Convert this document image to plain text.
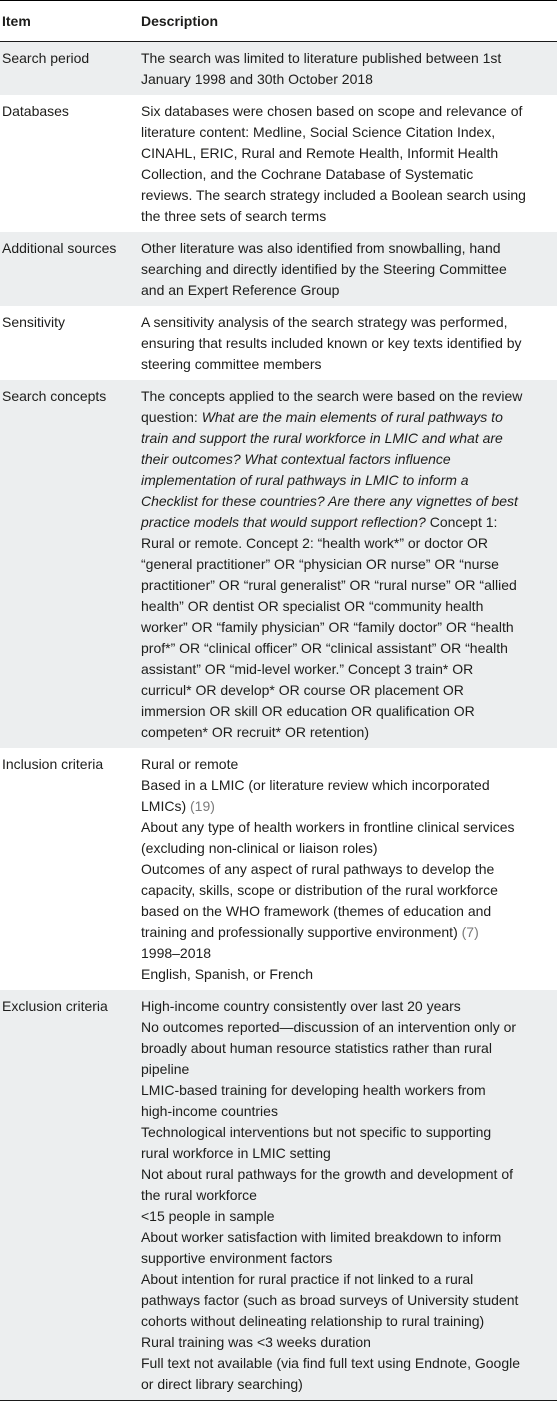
Item	Description
Search period	The search was limited to literature published between 1st
January 1998 and 30th October 2018
Databases	Six databases were chosen based on scope and relevance of
literature content: Medline, Social Science Citation Index,
CINAHL, ERIC, Rural and Remote Health, Informit Health
Collection, and the Cochrane Database of Systematic
reviews. The search strategy included a Boolean search using
the three sets of search terms
Additional sources	Other literature was also identified from snowballing, hand
searching and directly identified by the Steering Committee
and an Expert Reference Group
Sensitivity	A sensitivity analysis of the search strategy was performed,
ensuring that results included known or key texts identified by
steering committee members
Search concepts	The concepts applied to the search were based on the review
question: What are the main elements of rural pathways to
train and support the rural workforce in LMIC and what are
their outcomes? What contextual factors influence
implementation of rural pathways in LMIC to inform a
Checklist for these countries? Are there any vignettes of best
practice models that would support reflection? Concept 1:
Rural or remote. Concept 2: “health work*” or doctor OR
“general practitioner” OR “physician OR nurse” OR “nurse
practitioner” OR “rural generalist” OR “rural nurse” OR “allied
health” OR dentist OR specialist OR “community health
worker” OR “family physician” OR “family doctor” OR “health
prof*” OR “clinical officer” OR “clinical assistant” OR “health
assistant” OR “mid-level worker.” Concept 3 train* OR
curricul* OR develop* OR course OR placement OR
immersion OR skill OR education OR qualification OR
competen* OR recruit* OR retention)
Inclusion criteria	Rural or remote
Based in a LMIC (or literature review which incorporated
LMICs) (19)
About any type of health workers in frontline clinical services
(excluding non-clinical or liaison roles)
Outcomes of any aspect of rural pathways to develop the
capacity, skills, scope or distribution of the rural workforce
based on the WHO framework (themes of education and
training and professionally supportive environment) (7)
1998–2018
English, Spanish, or French
Exclusion criteria	High-income country consistently over last 20 years
No outcomes reported—discussion of an intervention only or
broadly about human resource statistics rather than rural
pipeline
LMIC-based training for developing health workers from
high-income countries
Technological interventions but not specific to supporting
rural workforce in LMIC setting
Not about rural pathways for the growth and development of
the rural workforce
<15 people in sample
About worker satisfaction with limited breakdown to inform
supportive environment factors
About intention for rural practice if not linked to a rural
pathways factor (such as broad surveys of University student
cohorts without delineating relationship to rural training)
Rural training was <3 weeks duration
Full text not available (via find full text using Endnote, Google
or direct library searching)
